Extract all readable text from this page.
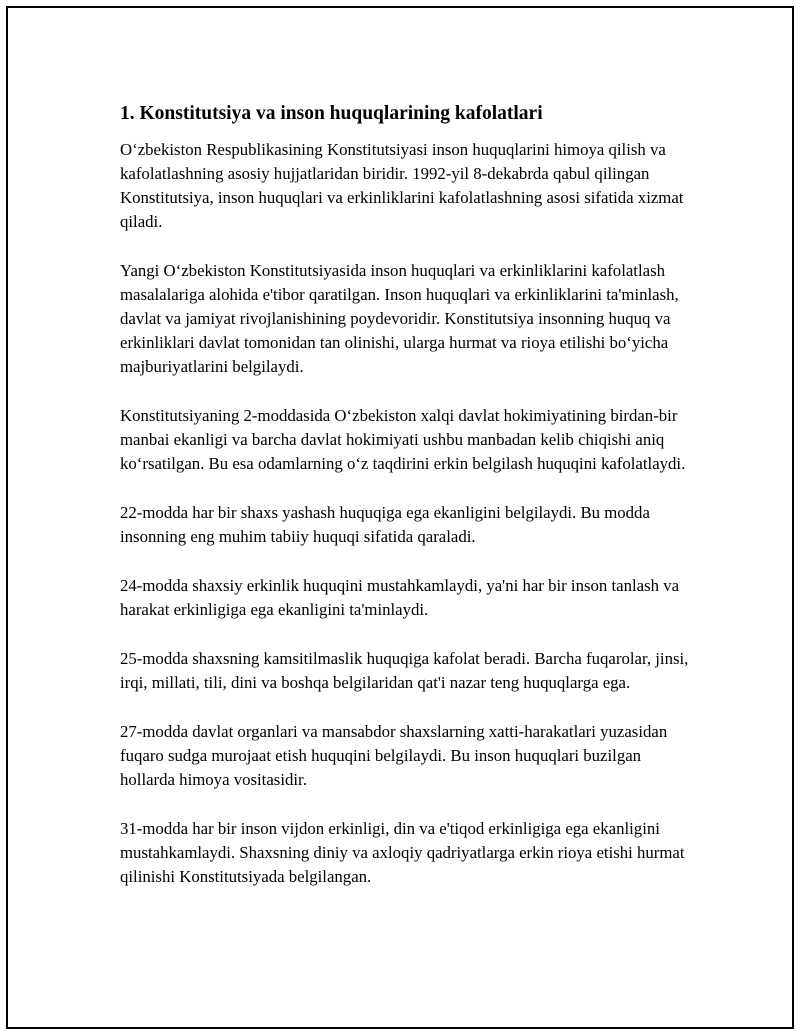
1. Konstitutsiya va inson huquqlarining kafolatlari

O‘zbekiston Respublikasining Konstitutsiyasi inson huquqlarini himoya qilish va kafolatlashning asosiy hujjatlaridan biridir. 1992-yil 8-dekabrda qabul qilingan Konstitutsiya, inson huquqlari va erkinliklarini kafolatlashning asosi sifatida xizmat qiladi.

Yangi O‘zbekiston Konstitutsiyasida inson huquqlari va erkinliklarini kafolatlash masalalariga alohida e'tibor qaratilgan. Inson huquqlari va erkinliklarini ta'minlash, davlat va jamiyat rivojlanishining poydevoridir. Konstitutsiya insonning huquq va erkinliklari davlat tomonidan tan olinishi, ularga hurmat va rioya etilishi bo‘yicha majburiyatlarini belgilaydi.

Konstitutsiyaning 2-moddasida O‘zbekiston xalqi davlat hokimiyatining birdan-bir manbai ekanligi va barcha davlat hokimiyati ushbu manbadan kelib chiqishi aniq ko‘rsatilgan. Bu esa odamlarning o‘z taqdirini erkin belgilash huquqini kafolatlaydi.

22-modda har bir shaxs yashash huquqiga ega ekanligini belgilaydi. Bu modda insonning eng muhim tabiiy huquqi sifatida qaraladi.

24-modda shaxsiy erkinlik huquqini mustahkamlaydi, ya'ni har bir inson tanlash va harakat erkinligiga ega ekanligini ta'minlaydi.

25-modda shaxsning kamsitilmaslik huquqiga kafolat beradi. Barcha fuqarolar, jinsi, irqi, millati, tili, dini va boshqa belgilaridan qat'i nazar teng huquqlarga ega.

27-modda davlat organlari va mansabdor shaxslarning xatti-harakatlari yuzasidan fuqaro sudga murojaat etish huquqini belgilaydi. Bu inson huquqlari buzilgan hollarda himoya vositasidir.

31-modda har bir inson vijdon erkinligi, din va e'tiqod erkinligiga ega ekanligini mustahkamlaydi. Shaxsning diniy va axloqiy qadriyatlarga erkin rioya etishi hurmat qilinishi Konstitutsiyada belgilangan.
